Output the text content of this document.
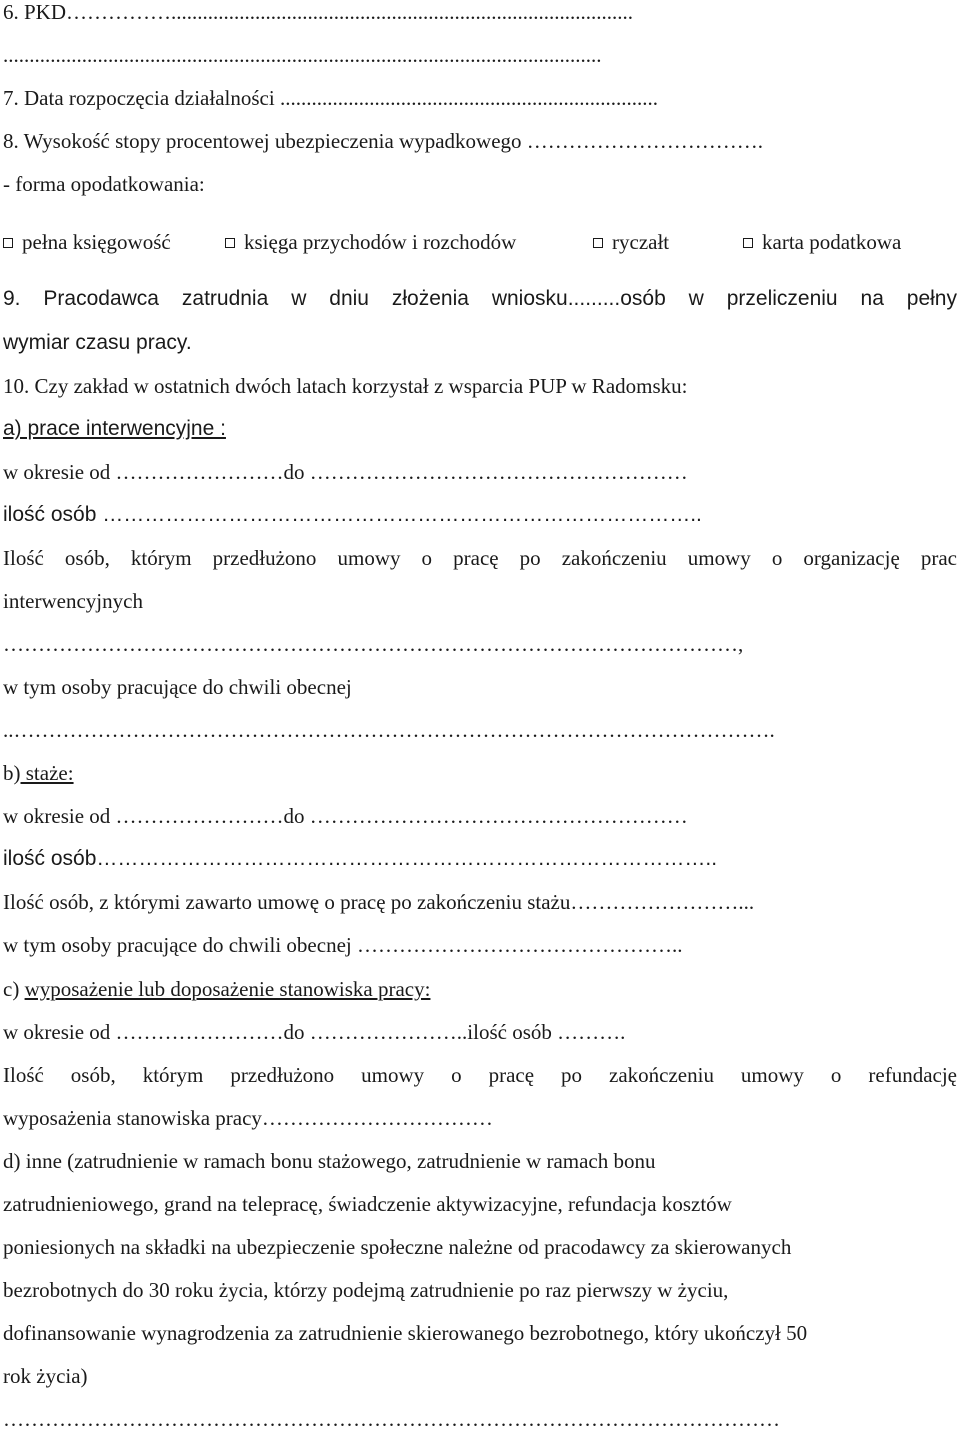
6. PKD……………........................................................................................
..................................................................................................................
7. Data rozpoczęcia działalności ........................................................................
8. Wysokość stopy procentowej ubezpieczenia wypadkowego …………………………….
- forma opodatkowania:
pełna księgowość	księga przychodów i rozchodów	ryczałt	karta podatkowa
9. Pracodawca zatrudnia w dniu złożenia wniosku.........osób w przeliczeniu na pełny
wymiar czasu pracy.
10. Czy zakład w ostatnich dwóch latach korzystał z wsparcia PUP w Radomsku:
a) prace interwencyjne :
w okresie od ……………………do ………………………………………………
ilość osób …………………………………………………………………………..
Ilość osób, którym przedłużono umowy o pracę po zakończeniu umowy o organizację prac
interwencyjnych
……………………………………………………………………………………………,
w tym osoby pracujące do chwili obecnej
..……………………………………………………………………………………………….
b) staże:
w okresie od ……………………do ………………………………………………
ilość osób……………………………………………………………………………..
Ilość osób, z którymi zawarto umowę o pracę po zakończeniu stażu……………………...
w tym osoby pracujące do chwili obecnej ………………………………………..
c) wyposażenie lub doposażenie stanowiska pracy:
w okresie od ……………………do …………………..ilość osób ……….
Ilość osób, którym przedłużono umowy o pracę po zakończeniu umowy o refundację
wyposażenia stanowiska pracy……………………………
d) inne (zatrudnienie w ramach bonu stażowego, zatrudnienie w ramach bonu
zatrudnieniowego, grand na telepracę, świadczenie aktywizacyjne, refundacja kosztów
poniesionych na składki na ubezpieczenie społeczne należne od pracodawcy za skierowanych
bezrobotnych do 30 roku życia, którzy podejmą zatrudnienie po raz pierwszy w życiu,
dofinansowanie wynagrodzenia za zatrudnienie skierowanego bezrobotnego, który ukończył 50
rok życia)
…………………………………………………………………………………………………
